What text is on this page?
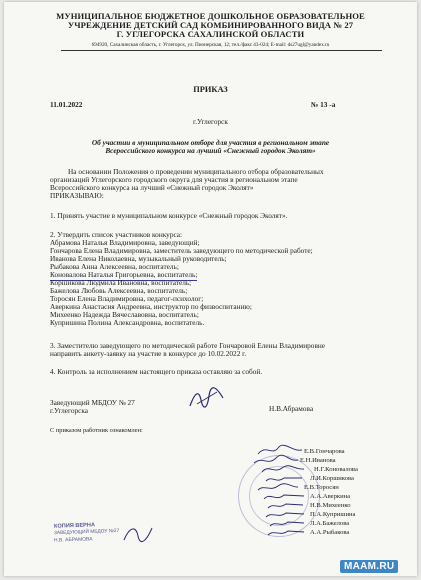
МУНИЦИПАЛЬНОЕ БЮДЖЕТНОЕ ДОШКОЛЬНОЕ ОБРАЗОВАТЕЛЬНОЕ
УЧРЕЖДЕНИЕ ДЕТСКИЙ САД КОМБИНИРОВАННОГО ВИДА № 27
Г. УГЛЕГОРСКА САХАЛИНСКОЙ ОБЛАСТИ
694920, Сахалинская область, г. Углегорск, ул. Пионерская, 12; тел./факс 43-024; E-mail: ds27ugl@yandex.ru
ПРИКАЗ
11.01.2022	№ 13 -а
г.Углегорск
Об участии в муниципальном отборе для участия в региональном этапе
Всероссийского конкурса на лучший «Снежный городок Эколят»
На основании Положения о проведении муниципального отбора образовательных
организаций Углегорского городского округа для участия в региональном этапе
Всероссийского конкурса на лучший «Снежный городок Эколят»
ПРИКАЗЫВАЮ:
1. Принять участие в муниципальном конкурсе «Снежный городок Эколят».
2. Утвердить список участников конкурса:
Абрамова Наталья Владимировна, заведующий;
Гончарова Елена Владимировна, заместитель заведующего по методической работе;
Иванова Елена Николаевна, музыкальный руководитель;
Рыбакова Анна Алексеевна, воспитатель;
Коновалова Наталья Григорьевна, воспитатель;
Коршикова Людмила Ивановна, воспитатель;
Бажелова Любовь Алексеевна, воспитатель;
Торосян Елена Владимировна, педагог-психолог;
Аверкина Анастасия Андреевна, инструктор по физвоспитанию;
Михеенко Надежда Вячеславовна, воспитатель;
Купришина Полина Александровна, воспитатель.
3. Заместителю заведующего по методической работе Гончаровой Елены Владимировне
направить анкету-заявку на участие в конкурсе до 10.02.2022 г.
4. Контроль за исполнением настоящего приказа оставляю за собой.
Заведующий МБДОУ № 27
г.Углегорска	Н.В.Абрамова
С приказом работник ознакомлен:
Е.В.Гончарова
Е.Н.Иванова
Н.Г.Коновалова
Л.И.Коршикова
Е.В.Торосян
А.А.Аверкина
Н.В.Михеенко
П.А.Купришина
Л.А.Бажелова
А.А.Рыбакова
КОПИЯ ВЕРНА
ЗАВЕДУЮЩИЙ МБДОУ №27
Н.В. АБРАМОВА
MAAM.RU
